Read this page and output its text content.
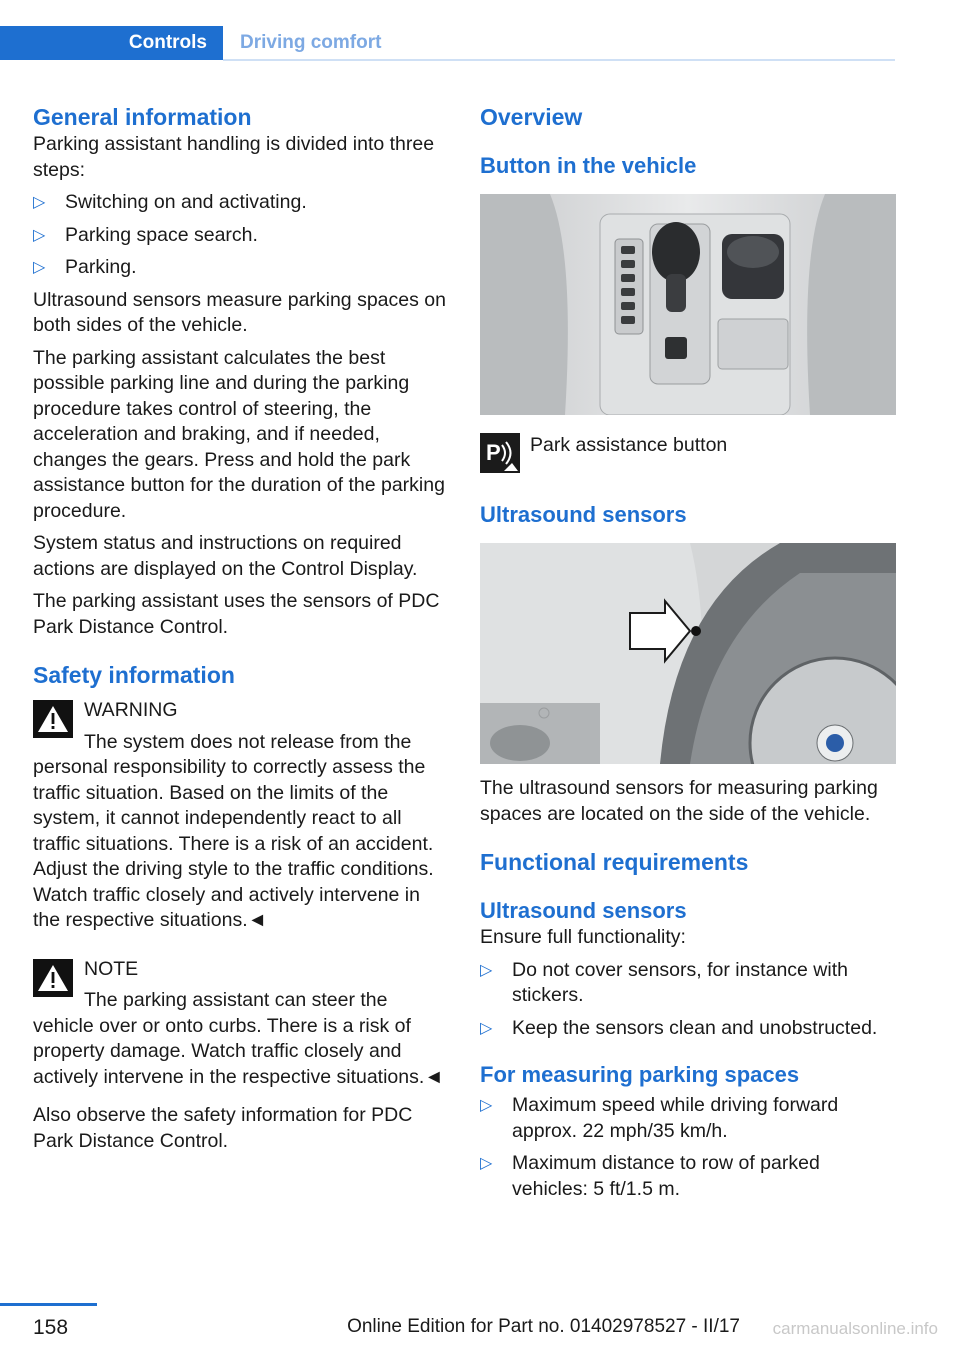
Controls	Driving comfort
General information

Parking assistant handling is divided into three steps:

▷ Switching on and activating.
▷ Parking space search.
▷ Parking.

Ultrasound sensors measure parking spaces on both sides of the vehicle.

The parking assistant calculates the best possible parking line and during the parking procedure takes control of steering, the acceleration and braking, and if needed, changes the gears. Press and hold the park assistance button for the duration of the parking procedure.

System status and instructions on required actions are displayed on the Control Display.

The parking assistant uses the sensors of PDC Park Distance Control.

Safety information

WARNING

The system does not release from the personal responsibility to correctly assess the traffic situation. Based on the limits of the system, it cannot independently react to all traffic situations. There is a risk of an accident. Adjust the driving style to the traffic conditions. Watch traffic closely and actively intervene in the respective situations.◄

NOTE

The parking assistant can steer the vehicle over or onto curbs. There is a risk of property damage. Watch traffic closely and actively intervene in the respective situations.◄

Also observe the safety information for PDC Park Distance Control.

Overview
Button in the vehicle
P Park assistance button
Ultrasound sensors

The ultrasound sensors for measuring parking spaces are located on the side of the vehicle.

Functional requirements
Ultrasound sensors

Ensure full functionality:

▷ Do not cover sensors, for instance with stickers.
▷ Keep the sensors clean and unobstructed.
For measuring parking spaces
▷ Maximum speed while driving forward approx. 22 mph/35 km/h.
▷ Maximum distance to row of parked vehicles: 5 ft/1.5 m.
158	Online Edition for Part no. 01402978527 - II/17 carmanualsonline.info
